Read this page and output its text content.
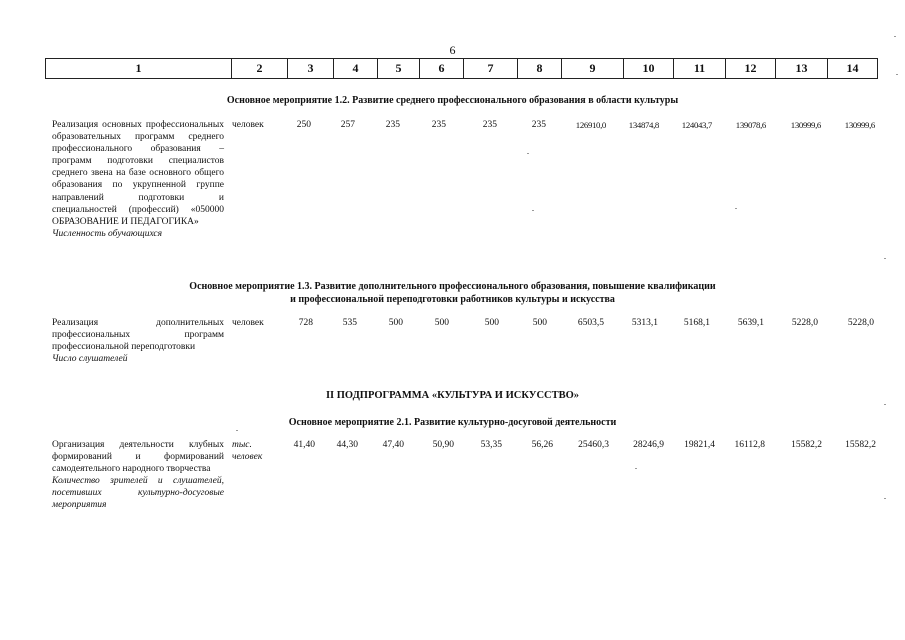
6
1	2	3	4	5	6	7	8	9	10	11	12	13	14
Основное мероприятие 1.2. Развитие среднего профессионального образования в области культуры
Реализация основных профессиональных образовательных программ среднего профессионального образования – программ подготовки специалистов среднего звена на базе основного общего образования по укрупненной группе направлений подготовки и специальностей (профессий) «050000 ОБРАЗОВАНИЕ И ПЕДАГОГИКА»
Численность обучающихся
человек	250	257	235	235	235	235	126910,0	134874,8	124043,7	139078,6	130999,6	130999,6
Основное мероприятие 1.3. Развитие дополнительного профессионального образования, повышение квалификации
и профессиональной переподготовки работников культуры и искусства
Реализация дополнительных профессиональных программ профессиональной переподготовки
Число слушателей
человек	728	535	500	500	500	500	6503,5	5313,1	5168,1	5639,1	5228,0	5228,0
II ПОДПРОГРАММА «КУЛЬТУРА И ИСКУССТВО»
Основное мероприятие 2.1. Развитие культурно-досуговой деятельности
Организация деятельности клубных формирований и формирований самодеятельного народного творчества
Количество зрителей и слушателей, посетивших культурно-досуговые мероприятия
тыс.
человек
41,40	44,30	47,40	50,90	53,35	56,26	25460,3	28246,9	19821,4	16112,8	15582,2	15582,2
